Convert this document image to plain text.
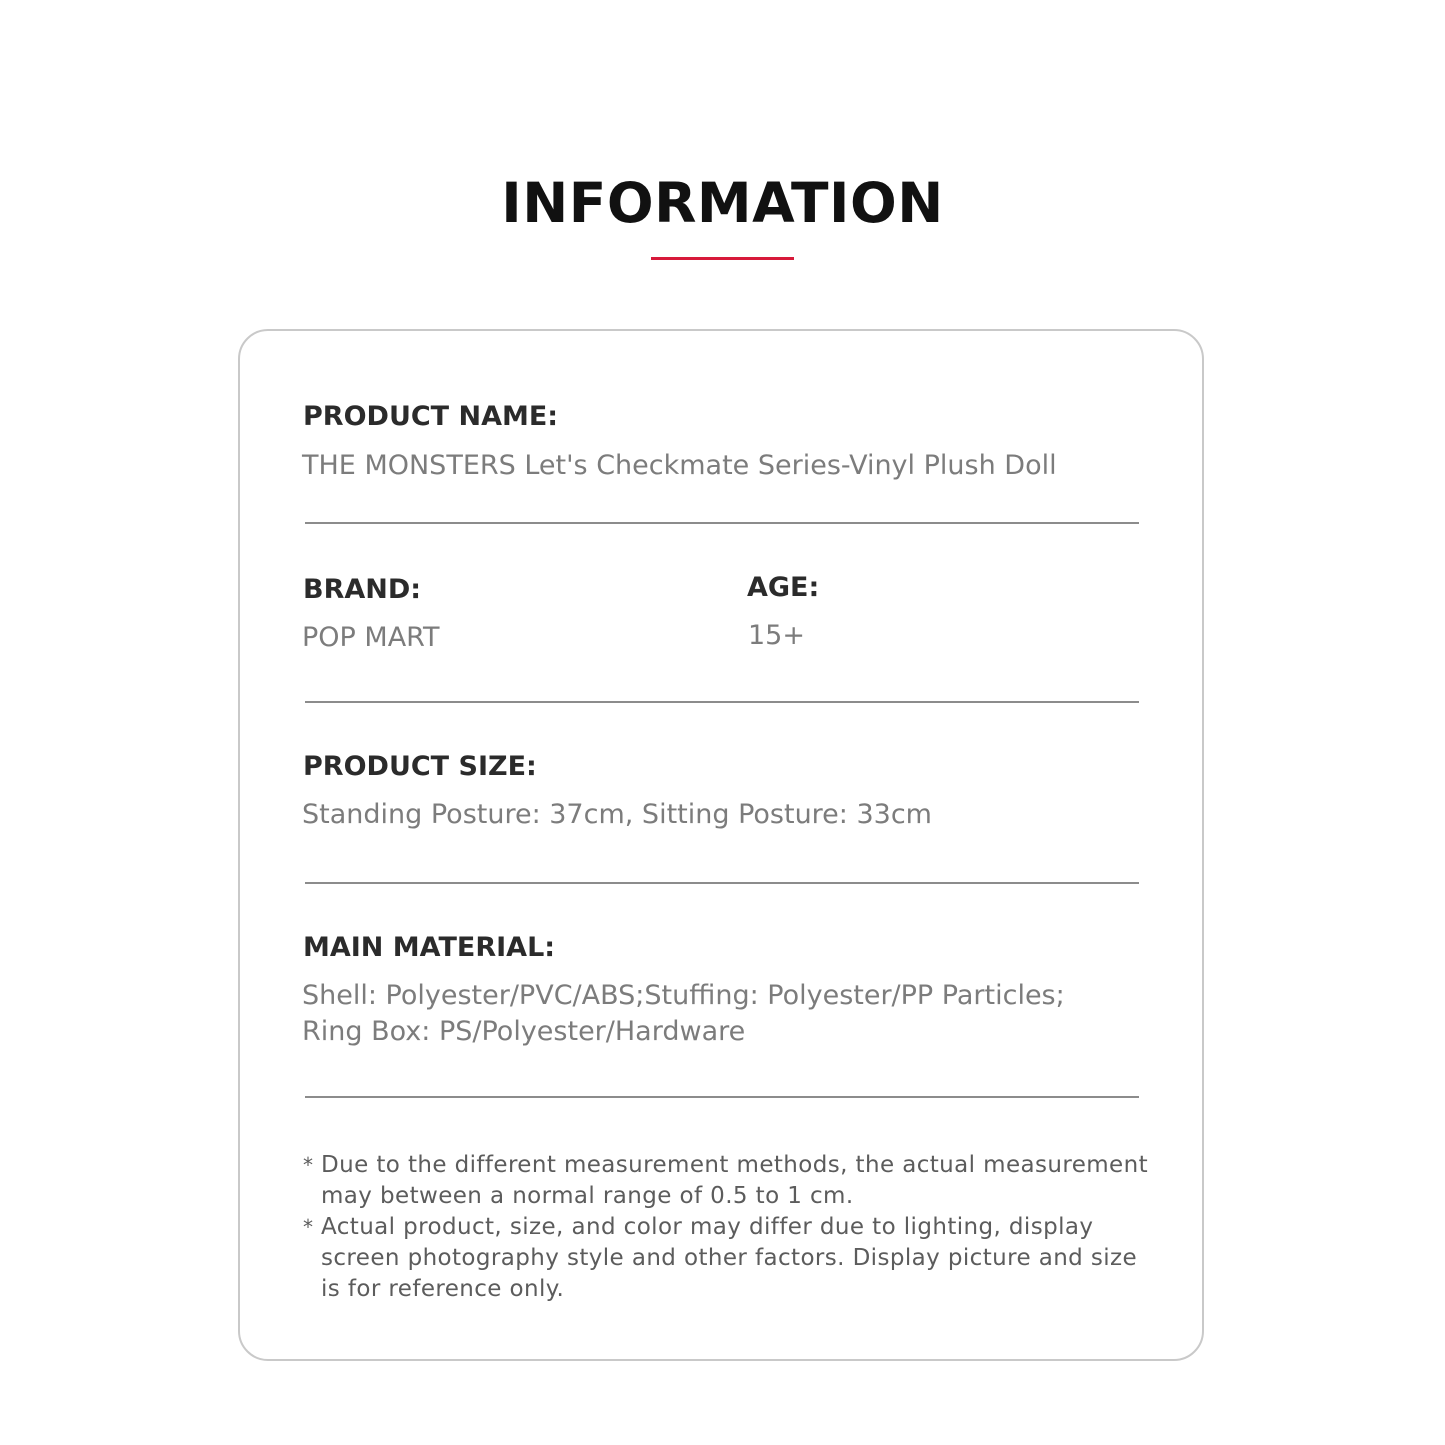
INFORMATION
PRODUCT NAME:
THE MONSTERS Let's Checkmate Series-Vinyl Plush Doll
BRAND:
POP MART
AGE:
15+
PRODUCT SIZE:
Standing Posture: 37cm, Sitting Posture: 33cm
MAIN MATERIAL:
Shell: Polyester/PVC/ABS;Stuffing: Polyester/PP Particles;
Ring Box: PS/Polyester/Hardware
* Due to the different measurement methods, the actual measurement may between a normal range of 0.5 to 1 cm.
* Actual product, size, and color may differ due to lighting, display screen photography style and other factors. Display picture and size is for reference only.
